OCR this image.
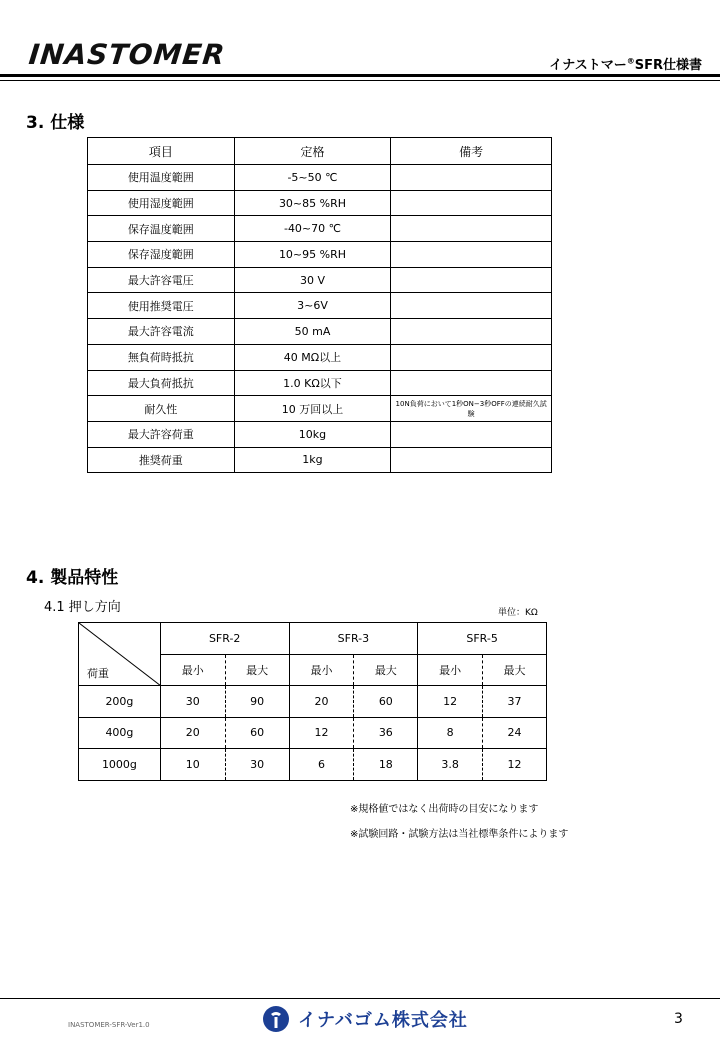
INASTOMER	イナストマー®SFR仕様書
3. 仕様
項目	定格	備考
使用温度範囲	-5~50 ℃	
使用湿度範囲	30~85 %RH	
保存温度範囲	-40~70 ℃	
保存湿度範囲	10~95 %RH	
最大許容電圧	30 V	
使用推奨電圧	3~6V	
最大許容電流	50 mA	
無負荷時抵抗	40 MΩ以上	
最大負荷抵抗	1.0 KΩ以下	
耐久性	10 万回以上	10N負荷において1秒ON−3秒OFFの連続耐久試験
最大許容荷重	10kg	
推奨荷重	1kg	
4. 製品特性
4.1 押し方向	単位：KΩ
荷重	SFR-2		SFR-3		SFR-5	
	最小	最大	最小	最大	最小	最大
200g	30	90	20	60	12	37
400g	20	60	12	36	8	24
1000g	10	30	6	18	3.8	12
※規格値ではなく出荷時の目安になります
※試験回路・試験方法は当社標準条件によります
INASTOMER-SFR-Ver1.0	イナバゴム株式会社	3
